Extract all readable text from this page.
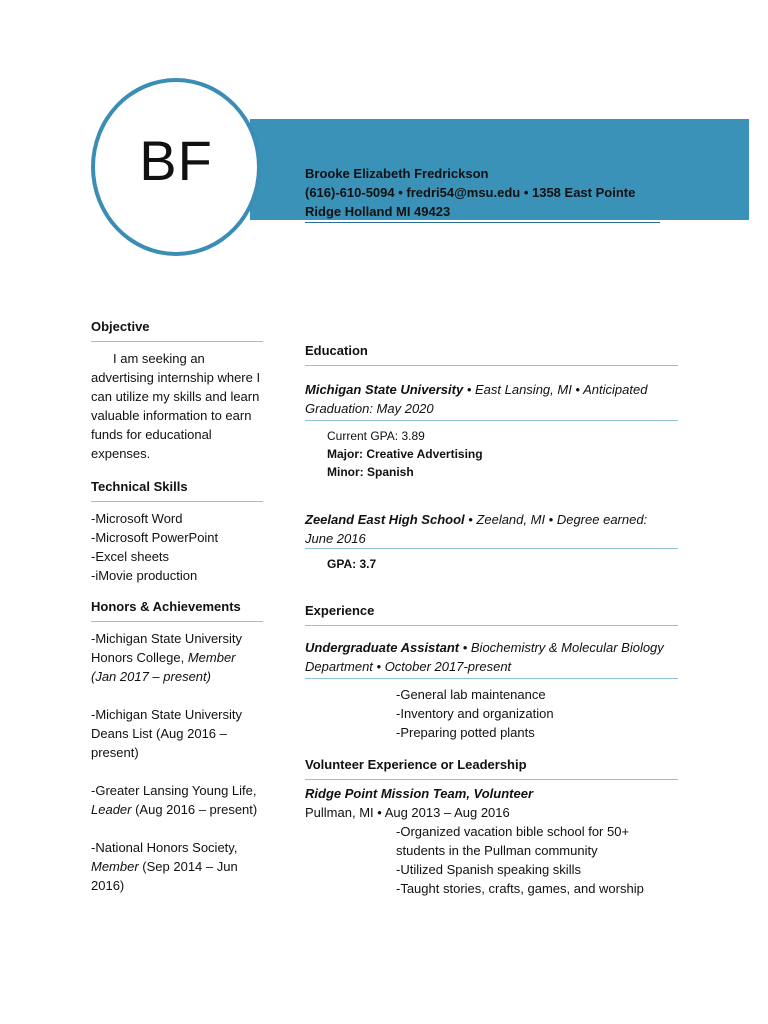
BF	Brooke Elizabeth Fredrickson
(616)-610-5094 • fredri54@msu.edu • 1358 East Pointe Ridge Holland MI 49423
Objective

I am seeking an advertising internship where I can utilize my skills and learn valuable information to earn funds for educational expenses.

Technical Skills
-Microsoft Word
-Microsoft PowerPoint
-Excel sheets
-iMovie production
Honors & Achievements

-Michigan State University Honors College, Member (Jan 2017 – present)

-Michigan State University Deans List (Aug 2016 – present)

-Greater Lansing Young Life, Leader (Aug 2016 – present)

-National Honors Society, Member (Sep 2014 – Jun 2016)

Education

Michigan State University • East Lansing, MI • Anticipated Graduation: May 2020

Current GPA: 3.89
Major: Creative Advertising
Minor: Spanish

Zeeland East High School • Zeeland, MI • Degree earned: June 2016

GPA: 3.7
Experience

Undergraduate Assistant • Biochemistry & Molecular Biology Department • October 2017-present

-General lab maintenance
-Inventory and organization
-Preparing potted plants
Volunteer Experience or Leadership
Ridge Point Mission Team, Volunteer
Pullman, MI • Aug 2013 – Aug 2016
-Organized vacation bible school for 50+ students in the Pullman community
-Utilized Spanish speaking skills
-Taught stories, crafts, games, and worship
